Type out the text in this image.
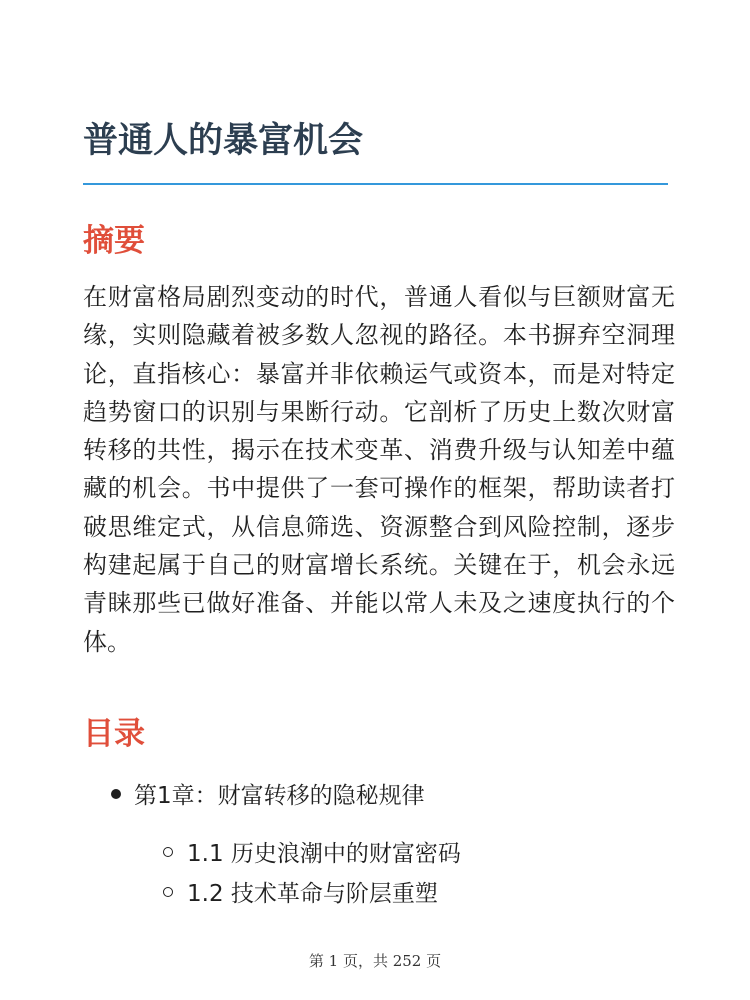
普通人的暴富机会
摘要

在财富格局剧烈变动的时代，普通人看似与巨额财富无缘，实则隐藏着被多数人忽视的路径。本书摒弃空洞理论，直指核心：暴富并非依赖运气或资本，而是对特定趋势窗口的识别与果断行动。它剖析了历史上数次财富转移的共性，揭示在技术变革、消费升级与认知差中蕴藏的机会。书中提供了一套可操作的框架，帮助读者打破思维定式，从信息筛选、资源整合到风险控制，逐步构建起属于自己的财富增长系统。关键在于，机会永远青睐那些已做好准备、并能以常人未及之速度执行的个体。

目录
第1章：财富转移的隐秘规律
1.1 历史浪潮中的财富密码
1.2 技术革命与阶层重塑
第 1 页，共 252 页
